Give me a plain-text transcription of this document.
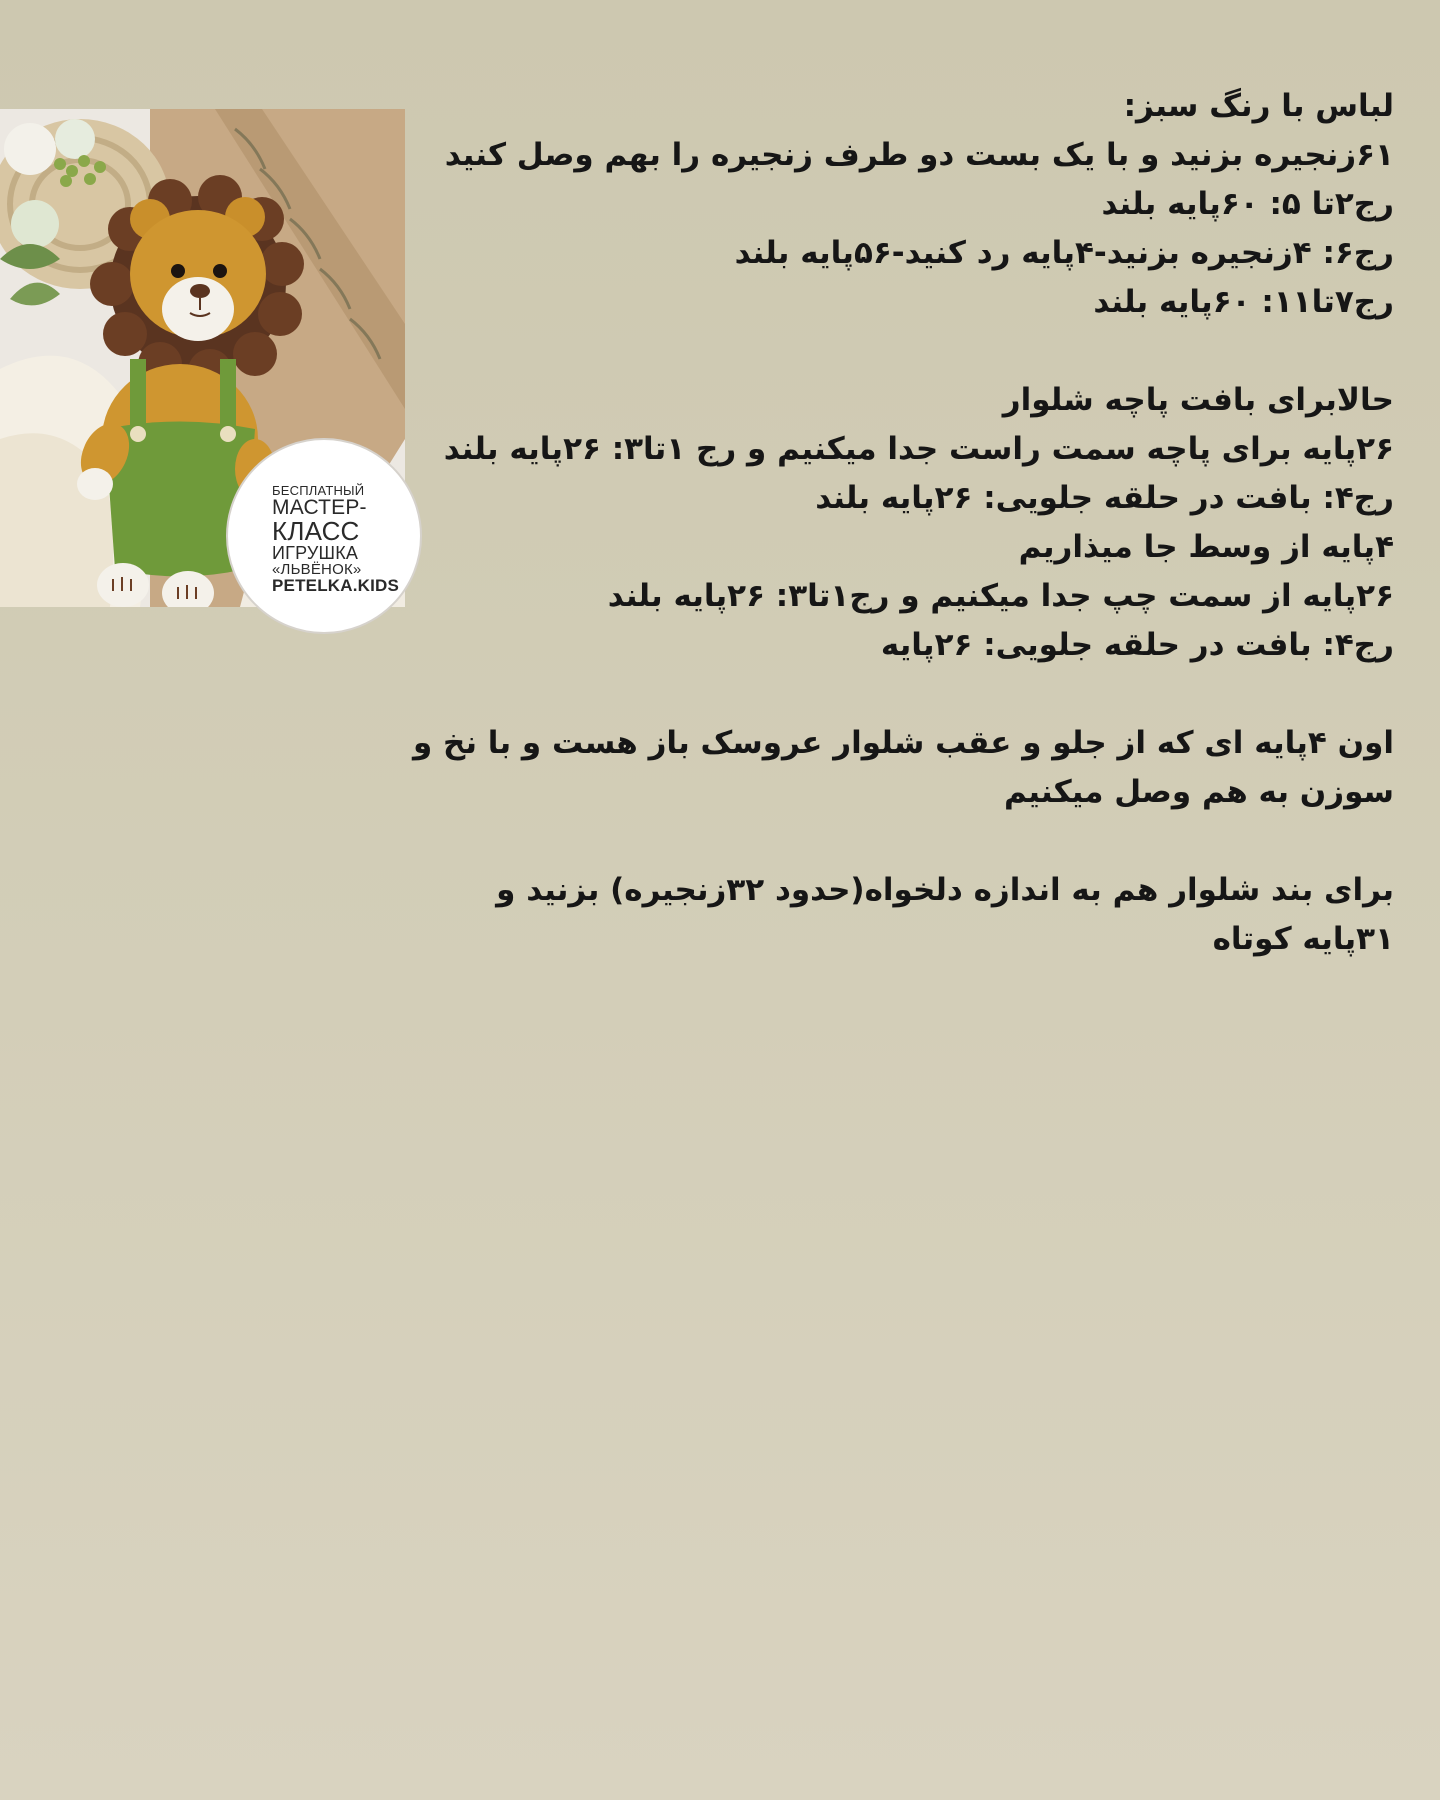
БЕСПЛАТНЫЙ
МАСТЕР-
КЛАСС
ИГРУШКА
«ЛЬВЁНОК»
PETELKA.KIDS
لباس با رنگ سبز:
۶۱زنجیره بزنید و با یک بست دو طرف زنجیره را بهم وصل کنید
رج۲تا ۵: ۶۰پایه بلند
رج۶: ۴زنجیره بزنید-۴پایه رد کنید-۵۶پایه بلند
رج۷تا۱۱: ۶۰پایه بلند
حالابرای بافت پاچه شلوار
۲۶پایه برای پاچه سمت راست جدا میکنیم و رج ۱تا۳: ۲۶پایه بلند
رج۴: بافت در حلقه جلویی: ۲۶پایه بلند
۴پایه از وسط جا میذاریم
۲۶پایه از سمت چپ جدا میکنیم و رج۱تا۳: ۲۶پایه بلند
رج۴: بافت در حلقه جلویی: ۲۶پایه
اون ۴پایه ای که از جلو و عقب شلوار عروسک باز هست و با نخ و
سوزن به هم وصل میکنیم
برای بند شلوار هم به اندازه دلخواه(حدود ۳۲زنجیره) بزنید و
۳۱پایه کوتاه
